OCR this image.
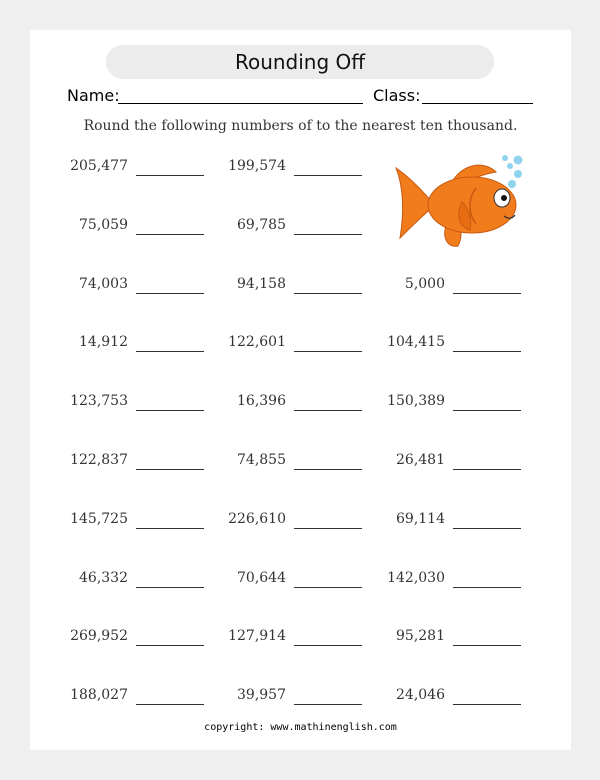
Rounding Off
Name:	Class:
Round the following numbers of to the nearest ten thousand.
205,477	199,574
75,059	69,785
74,003	94,158	5,000
14,912	122,601	104,415
123,753	16,396	150,389
122,837	74,855	26,481
145,725	226,610	69,114
46,332	70,644	142,030
269,952	127,914	95,281
188,027	39,957	24,046
copyright: www.mathinenglish.com
